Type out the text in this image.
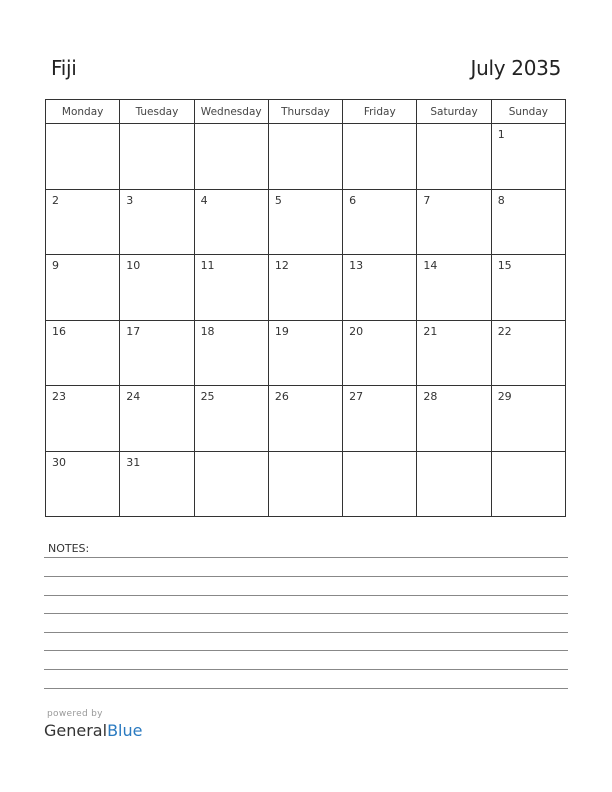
Fiji	July 2035
Monday	Tuesday	Wednesday	Thursday	Friday	Saturday	Sunday

						1

2	3	4	5	6	7	8

9	10	11	12	13	14	15

16	17	18	19	20	21	22

23	24	25	26	27	28	29

30	31					

NOTES:
powered by
GeneralBlue
